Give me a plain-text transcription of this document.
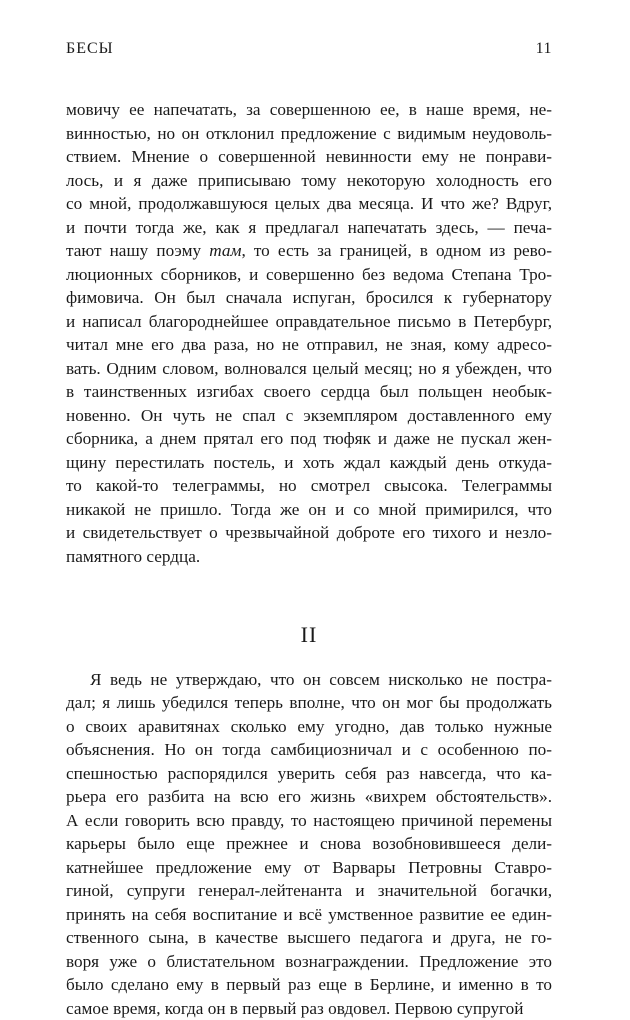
БЕСЫ	11
мовичу ее напечатать, за совершенною ее, в наше время, не-
винностью, но он отклонил предложение с видимым неудоволь-
ствием. Мнение о совершенной невинности ему не понрави-
лось, и я даже приписываю тому некоторую холодность его
со мной, продолжавшуюся целых два месяца. И что же? Вдруг,
и почти тогда же, как я предлагал напечатать здесь, — печа-
тают нашу поэму там, то есть за границей, в одном из рево-
люционных сборников, и совершенно без ведома Степана Тро-
фимовича. Он был сначала испуган, бросился к губернатору
и написал благороднейшее оправдательное письмо в Петербург,
читал мне его два раза, но не отправил, не зная, кому адресо-
вать. Одним словом, волновался целый месяц; но я убежден, что
в таинственных изгибах своего сердца был польщен необык-
новенно. Он чуть не спал с экземпляром доставленного ему
сборника, а днем прятал его под тюфяк и даже не пускал жен-
щину перестилать постель, и хоть ждал каждый день откуда-
то какой-то телеграммы, но смотрел свысока. Телеграммы
никакой не пришло. Тогда же он и со мной примирился, что
и свидетельствует о чрезвычайной доброте его тихого и незло-
памятного сердца.
II
Я ведь не утверждаю, что он совсем нисколько не постра-
дал; я лишь убедился теперь вполне, что он мог бы продолжать
о своих аравитянах сколько ему угодно, дав только нужные
объяснения. Но он тогда самбициозничал и с особенною по-
спешностью распорядился уверить себя раз навсегда, что ка-
рьера его разбита на всю его жизнь «вихрем обстоятельств».
А если говорить всю правду, то настоящею причиной перемены
карьеры было еще прежнее и снова возобновившееся дели-
катнейшее предложение ему от Варвары Петровны Ставро-
гиной, супруги генерал-лейтенанта и значительной богачки,
принять на себя воспитание и всё умственное развитие ее един-
ственного сына, в качестве высшего педагога и друга, не го-
воря уже о блистательном вознаграждении. Предложение это
было сделано ему в первый раз еще в Берлине, и именно в то
самое время, когда он в первый раз овдовел. Первою супругой
